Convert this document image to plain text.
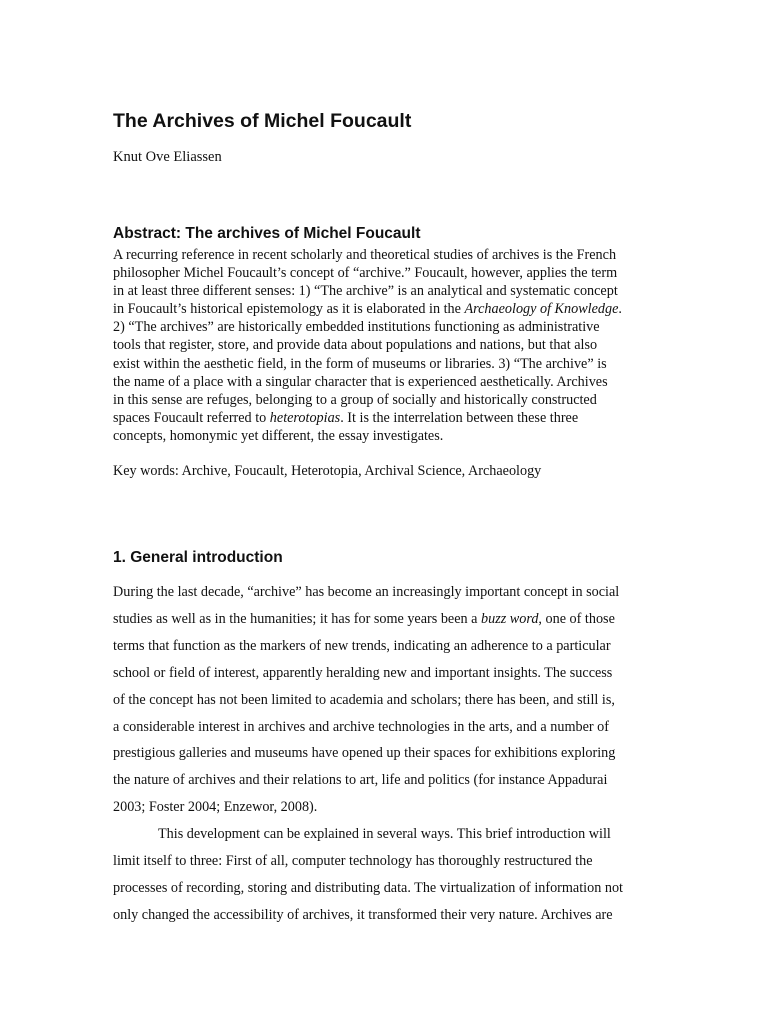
The Archives of Michel Foucault

Knut Ove Eliassen

Abstract: The archives of Michel Foucault

A recurring reference in recent scholarly and theoretical studies of archives is the French
philosopher Michel Foucault’s concept of “archive.” Foucault, however, applies the term
in at least three different senses: 1) “The archive” is an analytical and systematic concept
in Foucault’s historical epistemology as it is elaborated in the Archaeology of Knowledge.
2) “The archives” are historically embedded institutions functioning as administrative
tools that register, store, and provide data about populations and nations, but that also
exist within the aesthetic field, in the form of museums or libraries. 3) “The archive” is
the name of a place with a singular character that is experienced aesthetically. Archives
in this sense are refuges, belonging to a group of socially and historically constructed
spaces Foucault referred to heterotopias. It is the interrelation between these three
concepts, homonymic yet different, the essay investigates.

Key words: Archive, Foucault, Heterotopia, Archival Science, Archaeology

1. General introduction

During the last decade, “archive” has become an increasingly important concept in social
studies as well as in the humanities; it has for some years been a buzz word, one of those
terms that function as the markers of new trends, indicating an adherence to a particular
school or field of interest, apparently heralding new and important insights. The success
of the concept has not been limited to academia and scholars; there has been, and still is,
a considerable interest in archives and archive technologies in the arts, and a number of
prestigious galleries and museums have opened up their spaces for exhibitions exploring
the nature of archives and their relations to art, life and politics (for instance Appadurai
2003; Foster 2004; Enzewor, 2008).
This development can be explained in several ways. This brief introduction will
limit itself to three: First of all, computer technology has thoroughly restructured the
processes of recording, storing and distributing data. The virtualization of information not
only changed the accessibility of archives, it transformed their very nature. Archives are
